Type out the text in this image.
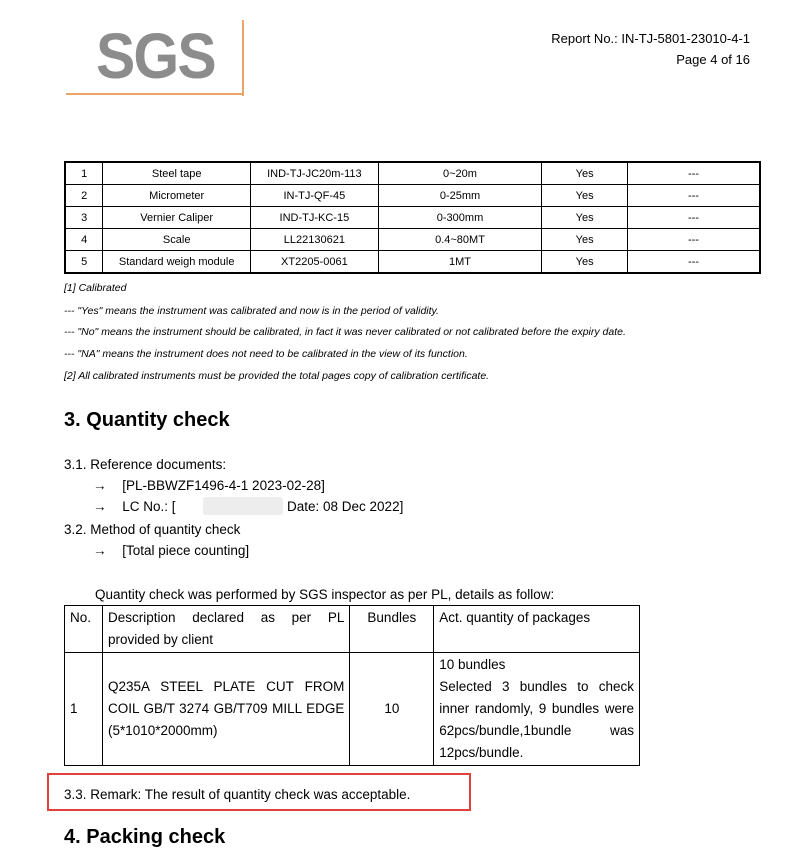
SGS	Report No.: IN-TJ-5801-23010-4-1
Page 4 of 16
1	Steel tape	IND-TJ-JC20m-113	0~20m	Yes	---
2	Micrometer	IN-TJ-QF-45	0-25mm	Yes	---
3	Vernier Caliper	IND-TJ-KC-15	0-300mm	Yes	---
4	Scale	LL22130621	0.4~80MT	Yes	---
5	Standard weigh module	XT2205-0061	1MT	Yes	---
[1] Calibrated
--- "Yes" means the instrument was calibrated and now is in the period of validity.
--- "No" means the instrument should be calibrated, in fact it was never calibrated or not calibrated before the expiry date.
--- "NA" means the instrument does not need to be calibrated in the view of its function.
[2] All calibrated instruments must be provided the total pages copy of calibration certificate.
3. Quantity check
3.1. Reference documents:
→ [PL-BBWZF1496-4-1 2023-02-28]
→ LC No.: [	Date: 08 Dec 2022]
3.2. Method of quantity check
→ [Total piece counting]
Quantity check was performed by SGS inspector as per PL, details as follow:
No.	Description declared as per PL provided by client	Bundles	Act. quantity of packages
1	Q235A STEEL PLATE CUT FROM COIL GB/T 3274 GB/T709 MILL EDGE (5*1010*2000mm)	10	10 bundles
Selected 3 bundles to check inner randomly, 9 bundles were 62pcs/bundle,1bundle was 12pcs/bundle.
3.3. Remark: The result of quantity check was acceptable.
4. Packing check
